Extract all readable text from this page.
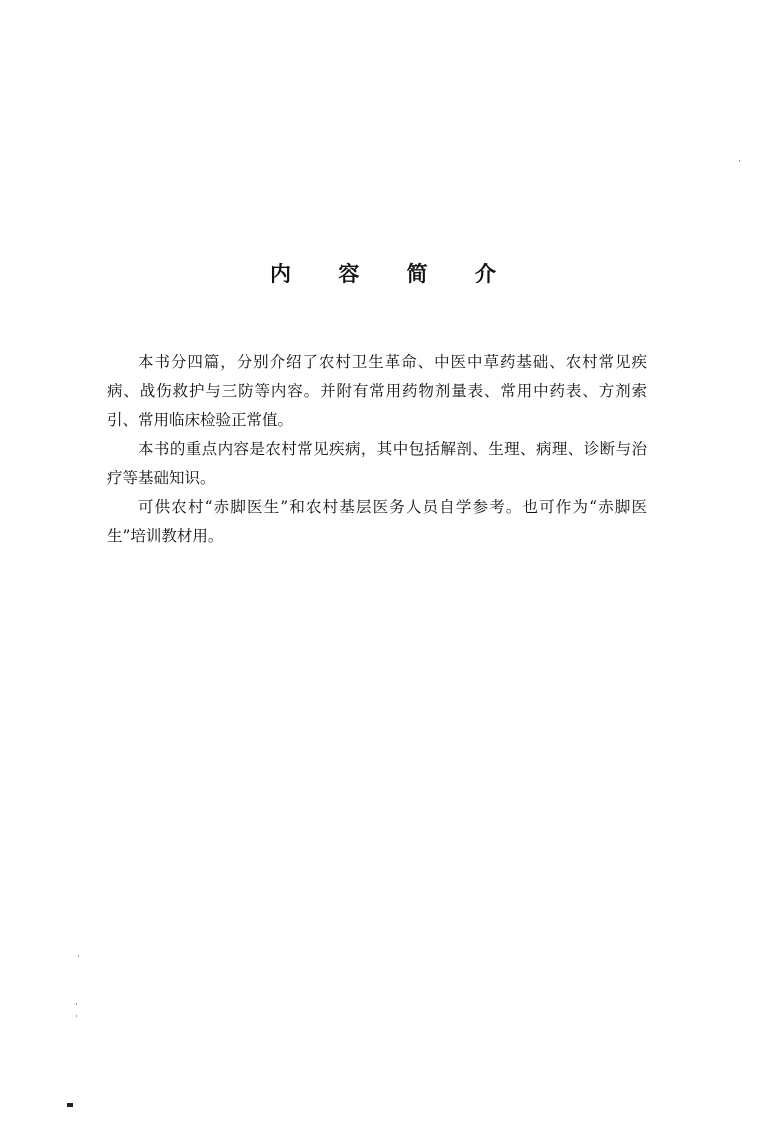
内 容 简 介

本书分四篇，分别介绍了农村卫生革命、中医中草药基础、农村常见疾病、战伤救护与三防等内容。并附有常用药物剂量表、常用中药表、方剂索引、常用临床检验正常值。

本书的重点内容是农村常见疾病，其中包括解剖、生理、病理、诊断与治疗等基础知识。

可供农村“赤脚医生”和农村基层医务人员自学参考。也可作为“赤脚医生”培训教材用。
